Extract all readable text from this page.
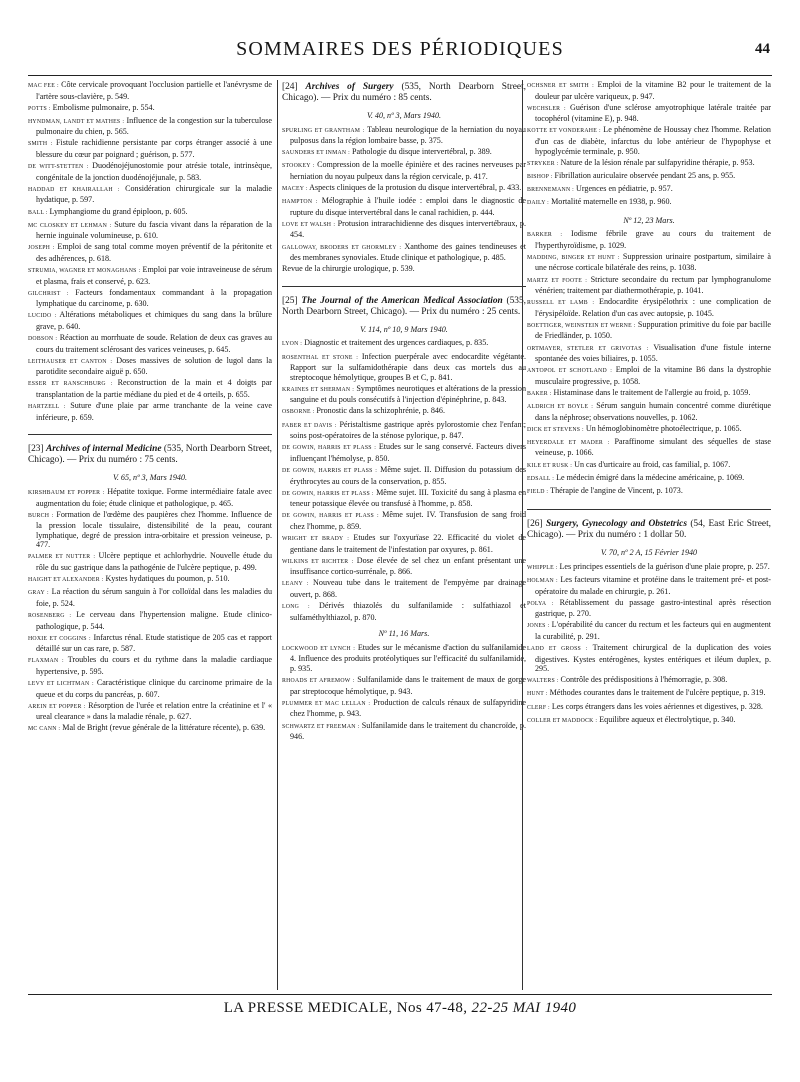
SOMMAIRES DES PÉRIODIQUES	44
MAC FEE : Côte cervicale provoquant l'occlusion partielle et l'anévrysme de l'artère sous-clavière, p. 549.
POTTS : Embolisme pulmonaire, p. 554.
HYNDMAN, LANDT ET MATHES : Influence de la congestion sur la tuberculose pulmonaire du chien, p. 565.
SMITH : Fistule rachidienne persistante par corps étranger associé à une blessure du cœur par poignard ; guérison, p. 577.
DE WITT-STETTEN : Duodénojéjunostomie pour atrésie totale, intrinsèque, congénitale de la jonction duodénojéjunale, p. 583.
HADDAD ET KHAIRALLAH : Considération chirurgicale sur la maladie hydatique, p. 597.
BALL : Lymphangiome du grand épiploon, p. 605.
MC CLOSKEY ET LEHMAN : Suture du fascia vivant dans la réparation de la hernie inguinale volumineuse, p. 610.
JOSEPH : Emploi de sang total comme moyen préventif de la péritonite et des adhérences, p. 618.
STRUMIA, WAGNER ET MONAGHANS : Emploi par voie intraveineuse de sérum et plasma, frais et conservé, p. 623.
GILCHRIST : Facteurs fondamentaux commandant à la propagation lymphatique du carcinome, p. 630.
LUCIDO : Altérations métaboliques et chimiques du sang dans la brûlure grave, p. 640.
DOBSON : Réaction au morrhuate de soude. Relation de deux cas graves au cours du traitement sclérosant des varices veineuses, p. 645.
LEITHAUSER ET CANTON : Doses massives de solution de lugol dans la parotidite secondaire aiguë p. 650.
ESSER ET RANSCHBURG : Reconstruction de la main et 4 doigts par transplantation de la partie médiane du pied et de 4 orteils, p. 655.
HARTZELL : Suture d'une plaie par arme tranchante de la veine cave inférieure, p. 659.
[23] Archives of internal Medicine (535, North Dearborn Street, Chicago). — Prix du numéro : 75 cents.
V. 65, nº 3, Mars 1940.
KIRSHBAUM ET POPPER : Hépatite toxique. Forme intermédiaire fatale avec augmentation du foie; étude clinique et pathologique, p. 465.
BURCH : Formation de l'œdème des paupières chez l'homme. Influence de la pression locale tissulaire, distensibilité de la peau, courant lymphatique, degré de pression intra-orbitaire et pression veineuse, p. 477.
PALMER ET NUTTER : Ulcère peptique et achlorhydrie. Nouvelle étude du rôle du suc gastrique dans la pathogénie de l'ulcère peptique, p. 499.
HAIGHT ET ALEXANDER : Kystes hydatiques du poumon, p. 510.
GRAY : La réaction du sérum sanguin à l'or colloïdal dans les maladies du foie, p. 524.
ROSENBERG : Le cerveau dans l'hypertension maligne. Etude clinico-pathologique, p. 544.
HOXIE ET COGGINS : Infarctus rénal. Etude statistique de 205 cas et rapport détaillé sur un cas rare, p. 587.
FLAXMAN : Troubles du cours et du rythme dans la maladie cardiaque hypertensive, p. 595.
LEVY ET LICHTMAN : Caractéristique clinique du carcinome primaire de la queue et du corps du pancréas, p. 607.
AREIN ET POPPER : Résorption de l'urée et relation entre la créatinine et l' « ureal clearance » dans la maladie rénale, p. 627.
MC CANN : Mal de Bright (revue générale de la littérature récente), p. 639.
[24] Archives of Surgery (535, North Dearborn Street, Chicago). — Prix du numéro : 85 cents.
V. 40, nº 3, Mars 1940.
SPURLING ET GRANTHAM : Tableau neurologique de la herniation du noyau pulposus dans la région lombaire basse, p. 375.
SAUNDERS ET INMAN : Pathologie du disque intervertébral, p. 389.
STOOKEY : Compression de la moelle épinière et des racines nerveuses par herniation du noyau pulpeux dans la région cervicale, p. 417.
MACEY : Aspects cliniques de la protusion du disque intervertébral, p. 433.
HAMPTON : Mélographie à l'huile iodée : emploi dans le diagnostic de rupture du disque intervertébral dans le canal rachidien, p. 444.
LOVE ET WALSH : Protusion intrarachidienne des disques intervertébraux, p. 454.
GALLOWAY, BRODERS ET GHORMLEY : Xanthome des gaines tendineuses et des membranes synoviales. Etude clinique et pathologique, p. 485.
Revue de la chirurgie urologique, p. 539.
[25] The Journal of the American Medical Association (535, North Dearborn Street, Chicago). — Prix du numéro : 25 cents.
V. 114, nº 10, 9 Mars 1940.
LYON : Diagnostic et traitement des urgences cardiaques, p. 835.
ROSENTHAL ET STONE : Infection puerpérale avec endocardite végétante. Rapport sur la sulfamidothérapie dans deux cas mortels dus au streptocoque hémolytique, groupes B et C, p. 841.
KRAINES ET SHERMAN : Symptômes neurotiques et altérations de la pression sanguine et du pouls consécutifs à l'injection d'épinéphrine, p. 843.
OSBORNE : Pronostic dans la schizophrénie, p. 846.
FABER ET DAVIS : Péristaltisme gastrique après pylorostomie chez l'enfant; soins post-opératoires de la sténose pylorique, p. 847.
DE GOWIN, HARRIS ET PLASS : Etudes sur le sang conservé. Facteurs divers influençant l'hémolyse, p. 850.
DE GOWIN, HARRIS ET PLASS : Même sujet. II. Diffusion du potassium des érythrocytes au cours de la conservation, p. 855.
DE GOWIN, HARRIS ET PLASS : Même sujet. III. Toxicité du sang à plasma en teneur potassique élevée ou transfusé à l'homme, p. 858.
DE GOWIN, HARRIS ET PLASS : Même sujet. IV. Transfusion de sang froid chez l'homme, p. 859.
WRIGHT ET BRADY : Etudes sur l'oxyurïase 22. Efficacité du violet de gentiane dans le traitement de l'infestation par oxyures, p. 861.
WILKINS ET RICHTER : Dose élevée de sel chez un enfant présentant une insuffisance cortico-surrénale, p. 866.
LEANY : Nouveau tube dans le traitement de l'empyème par drainage ouvert, p. 868.
LONG : Dérivés thiazolés du sulfanilamide : sulfathiazol et sulfaméthylthiazol, p. 870.
Nº 11, 16 Mars.
LOCKWOOD ET LYNCH : Etudes sur le mécanisme d'action du sulfanilamide 4. Influence des produits protéolytiques sur l'efficacité du sulfanilamide, p. 935.
RHOADS ET AFREMOW : Sulfanilamide dans le traitement de maux de gorge par streptocoque hémolytique, p. 943.
PLUMMER ET MAC LELLAN : Production de calculs rénaux de sulfapyridine chez l'homme, p. 943.
SCHWARTZ ET FREEMAN : Sulfanilamide dans le traitement du chancroïde, p. 946.
OCHSNER ET SMITH : Emploi de la vitamine B2 pour le traitement de la douleur par ulcère variqueux, p. 947.
WECHSLER : Guérison d'une sclérose amyotrophique latérale traitée par tocophérol (vitamine E), p. 948.
KOTTE ET VONDERAHE : Le phénomène de Houssay chez l'homme. Relation d'un cas de diabète, infarctus du lobe antérieur de l'hypophyse et hypoglycémie terminale, p. 950.
STRYKER : Nature de la lésion rénale par sulfapyridine thérapie, p. 953.
BISHOP : Fibrillation auriculaire observée pendant 25 ans, p. 955.
BRENNEMANN : Urgences en pédiatrie, p. 957.
DAILY : Mortalité maternelle en 1938, p. 960.
Nº 12, 23 Mars.
BARKER : Iodisme fébrile grave au cours du traitement de l'hyperthyroïdisme, p. 1029.
MADDING, BINGER ET HUNT : Suppression urinaire postpartum, similaire à une nécrose corticale bilatérale des reins, p. 1038.
MARTZ ET FOOTE : Stricture secondaire du rectum par lymphogranulome vénérien; traitement par diathermothérapie, p. 1041.
RUSSELL ET LAMB : Endocardite érysipélothrix : une complication de l'érysipéloïde. Relation d'un cas avec autopsie, p. 1045.
BOETTIGER, WEINSTEIN ET WERNE : Suppuration primitive du foie par bacille de Friedländer, p. 1050.
ORTMAYER, STETLER ET GRIVOTAS : Visualisation d'une fistule interne spontanée des voies biliaires, p. 1055.
ANTOPOL ET SCHOTLAND : Emploi de la vitamine B6 dans la dystrophie musculaire progressive, p. 1058.
BAKER : Histaminase dans le traitement de l'allergie au froid, p. 1059.
ALDRICH ET BOYLE : Sérum sanguin humain concentré comme diurétique dans la néphrose; observations nouvelles, p. 1062.
DICK ET STEVENS : Un hémoglobinomètre photoélectrique, p. 1065.
HEYERDALE ET MADER : Paraffinome simulant des séquelles de stase veineuse, p. 1066.
KILE ET RUSK : Un cas d'urticaire au froid, cas familial, p. 1067.
EDSALL : Le médecin émigré dans la médecine américaine, p. 1069.
FIELD : Thérapie de l'angine de Vincent, p. 1073.
[26] Surgery, Gynecology and Obstetrics (54, East Eric Street, Chicago). — Prix du numéro : 1 dollar 50.
V. 70, nº 2 A, 15 Février 1940
WHIPPLE : Les principes essentiels de la guérison d'une plaie propre, p. 257.
HOLMAN : Les facteurs vitamine et protéine dans le traitement pré- et post-opératoire du malade en chirurgie, p. 261.
POLYA : Rétablissement du passage gastro-intestinal après résection gastrique, p. 270.
JONES : L'opérabilité du cancer du rectum et les facteurs qui en augmentent la curabilité, p. 291.
LADD ET GROSS : Traitement chirurgical de la duplication des voies digestives. Kystes entérogènes, kystes entériques et iléum duplex, p. 295.
WALTERS : Contrôle des prédispositions à l'hémorragie, p. 308.
HUNT : Méthodes courantes dans le traitement de l'ulcère peptique, p. 319.
CLERF : Les corps étrangers dans les voies aériennes et digestives, p. 328.
COLLER ET MADDOCK : Equilibre aqueux et électrolytique, p. 340.
LA PRESSE MEDICALE, Nos 47-48, 22-25 MAI 1940
